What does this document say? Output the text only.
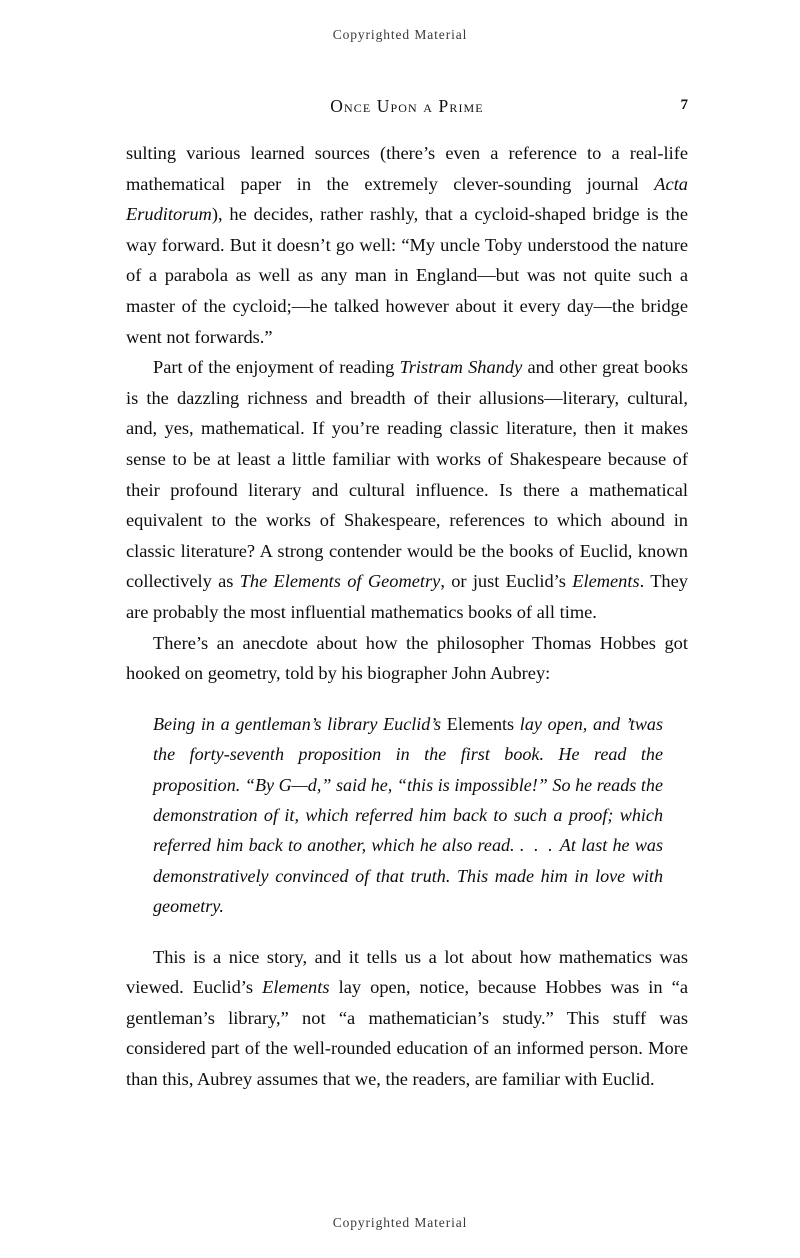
Copyrighted Material
Once Upon a Prime	7

sulting various learned sources (there’s even a reference to a real-life mathematical paper in the extremely clever-sounding journal Acta Eruditorum), he decides, rather rashly, that a cycloid-shaped bridge is the way forward. But it doesn’t go well: “My uncle Toby understood the nature of a parabola as well as any man in England—but was not quite such a master of the cycloid;—he talked however about it every day—the bridge went not forwards.”

Part of the enjoyment of reading Tristram Shandy and other great books is the dazzling richness and breadth of their allusions—literary, cultural, and, yes, mathematical. If you’re reading classic literature, then it makes sense to be at least a little familiar with works of Shakespeare because of their profound literary and cultural influence. Is there a mathematical equivalent to the works of Shakespeare, references to which abound in classic literature? A strong contender would be the books of Euclid, known collectively as The Elements of Geometry, or just Euclid’s Elements. They are probably the most influential mathematics books of all time.

There’s an anecdote about how the philosopher Thomas Hobbes got hooked on geometry, told by his biographer John Aubrey:

Being in a gentleman’s library Euclid’s Elements lay open, and ’twas the forty-seventh proposition in the first book. He read the proposition. “By G—d,” said he, “this is impossible!” So he reads the demonstration of it, which referred him back to such a proof; which referred him back to another, which he also read. . . . At last he was demonstratively convinced of that truth. This made him in love with geometry.

This is a nice story, and it tells us a lot about how mathematics was viewed. Euclid’s Elements lay open, notice, because Hobbes was in “a gentleman’s library,” not “a mathematician’s study.” This stuff was considered part of the well-rounded education of an informed person. More than this, Aubrey assumes that we, the readers, are familiar with Euclid.

Copyrighted Material
